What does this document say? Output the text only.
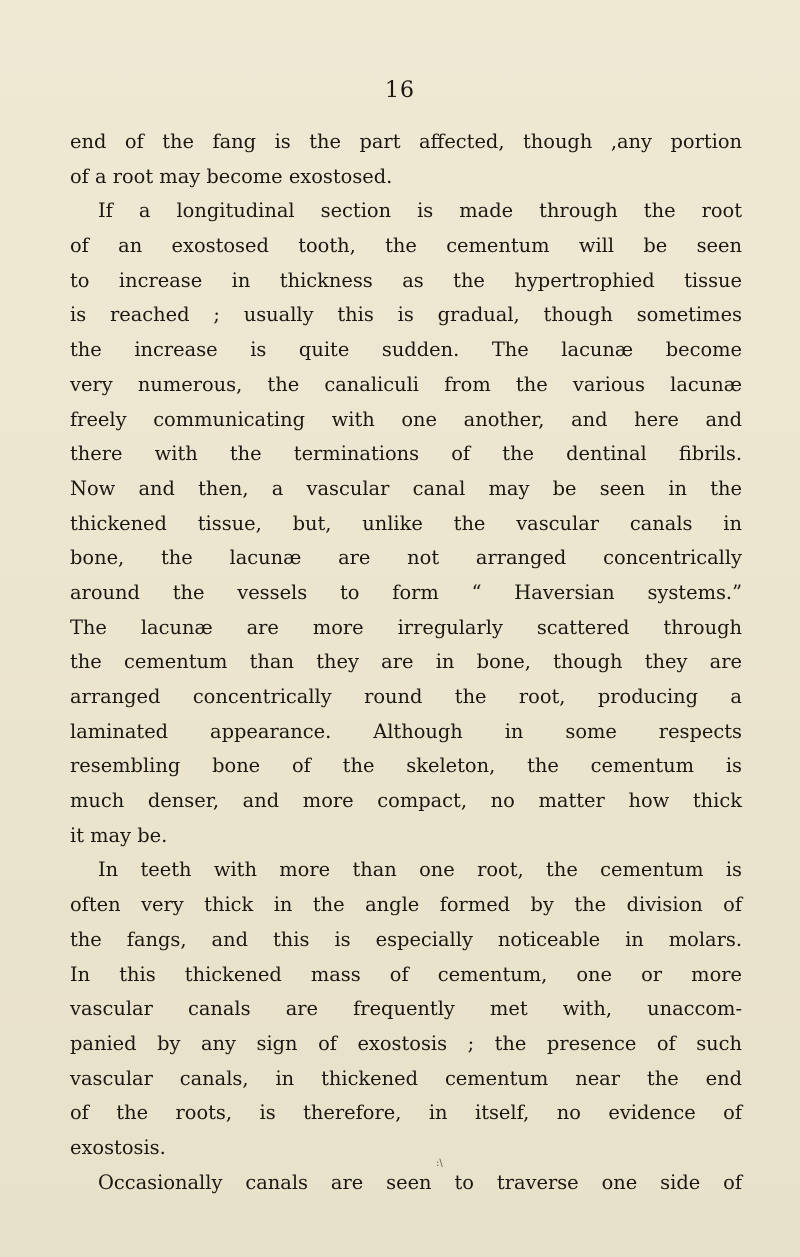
16
end of the fang is the part affected, though ,any portion
of a root may become exostosed.
If a longitudinal section is made through the root
of an exostosed tooth, the cementum will be seen
to increase in thickness as the hypertrophied tissue
is reached ; usually this is gradual, though sometimes
the increase is quite sudden. The lacunæ become
very numerous, the canaliculi from the various lacunæ
freely communicating with one another, and here and
there with the terminations of the dentinal fibrils.
Now and then, a vascular canal may be seen in the
thickened tissue, but, unlike the vascular canals in
bone, the lacunæ are not arranged concentrically
around the vessels to form “ Haversian systems.”
The lacunæ are more irregularly scattered through
the cementum than they are in bone, though they are
arranged concentrically round the root, producing a
laminated appearance. Although in some respects
resembling bone of the skeleton, the cementum is
much denser, and more compact, no matter how thick
it may be.
In teeth with more than one root, the cementum is
often very thick in the angle formed by the division of
the fangs, and this is especially noticeable in molars.
In this thickened mass of cementum, one or more
vascular canals are frequently met with, unaccom-
panied by any sign of exostosis ; the presence of such
vascular canals, in thickened cementum near the end
of the roots, is therefore, in itself, no evidence of
exostosis.
Occasionally canals are seen to traverse one side of
:\
